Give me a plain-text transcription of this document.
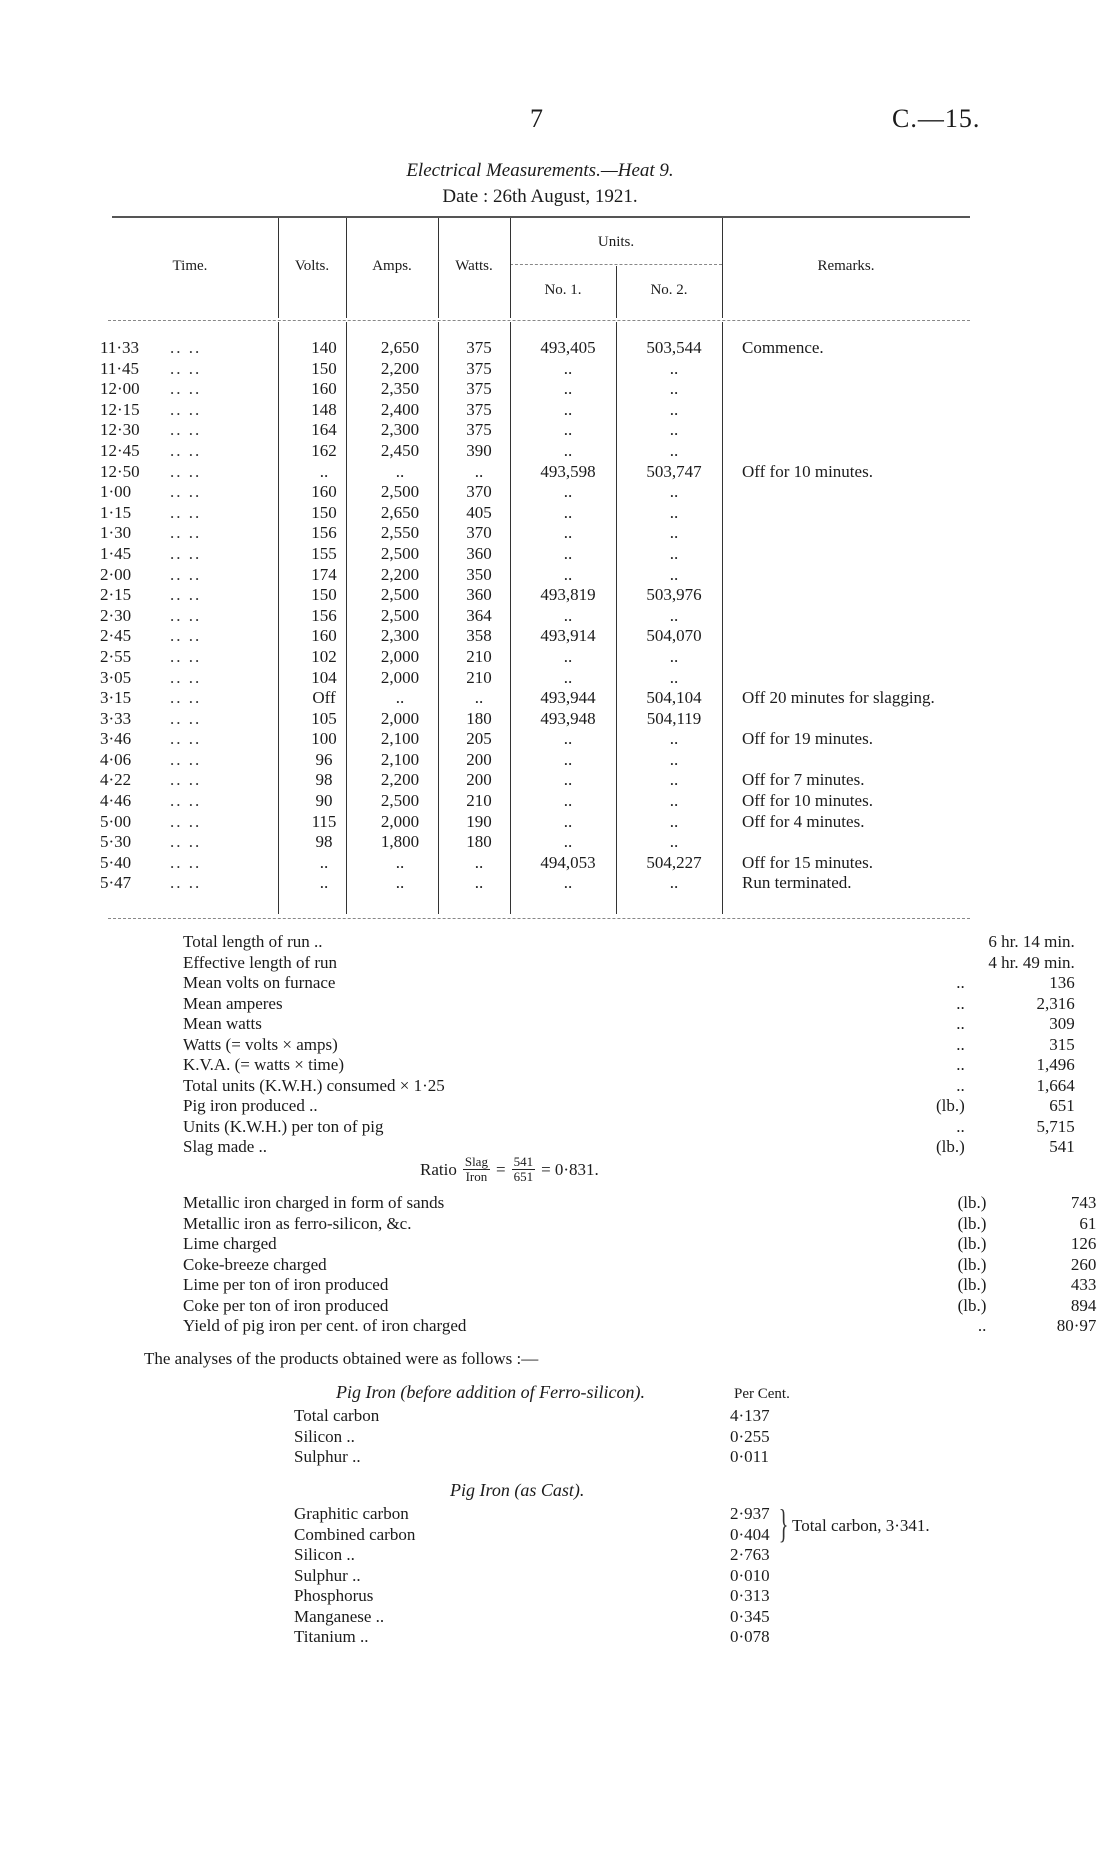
7	C.—15.
Electrical Measurements.—Heat 9.
Date : 26th August, 1921.
Time.	Volts.	Amps.	Watts.
Units.
No. 1.	No. 2.
Remarks.
11·33	.. ..	140	2,650	375	493,405	503,544	Commence.
11·45	.. ..	150	2,200	375	..	..	
12·00	.. ..	160	2,350	375	..	..	
12·15	.. ..	148	2,400	375	..	..	
12·30	.. ..	164	2,300	375	..	..	
12·45	.. ..	162	2,450	390	..	..	
12·50	.. ..	..	..	..	493,598	503,747	Off for 10 minutes.
1·00	.. ..	160	2,500	370	..	..	
1·15	.. ..	150	2,650	405	..	..	
1·30	.. ..	156	2,550	370	..	..	
1·45	.. ..	155	2,500	360	..	..	
2·00	.. ..	174	2,200	350	..	..	
2·15	.. ..	150	2,500	360	493,819	503,976	
2·30	.. ..	156	2,500	364	..	..	
2·45	.. ..	160	2,300	358	493,914	504,070	
2·55	.. ..	102	2,000	210	..	..	
3·05	.. ..	104	2,000	210	..	..	
3·15	.. ..	Off	..	..	493,944	504,104	Off 20 minutes for slagging.
3·33	.. ..	105	2,000	180	493,948	504,119	
3·46	.. ..	100	2,100	205	..	..	Off for 19 minutes.
4·06	.. ..	96	2,100	200	..	..	
4·22	.. ..	98	2,200	200	..	..	Off for 7 minutes.
4·46	.. ..	90	2,500	210	..	..	Off for 10 minutes.
5·00	.. ..	115	2,000	190	..	..	Off for 4 minutes.
5·30	.. ..	98	1,800	180	..	..	
5·40	.. ..	..	..	..	494,053	504,227	Off for 15 minutes.
5·47	.. ..	..	..	..	..	..	Run terminated.
Total length of run ..			6 hr. 14 min.
Effective length of run			4 hr. 49 min.
Mean volts on furnace		..	136
Mean amperes		..	2,316
Mean watts		..	309
Watts (= volts × amps)		..	315
K.V.A. (= watts × time)		..	1,496
Total units (K.W.H.) consumed × 1·25		..	1,664
Pig iron produced ..		(lb.)	651
Units (K.W.H.) per ton of pig		..	5,715
Slag made ..		(lb.)	541
Ratio $\frac{\text{Slag}}{\text{Iron}} = \frac{541}{651} = 0\cdot 831$.
Metallic iron charged in form of sands		(lb.)	743
Metallic iron as ferro-silicon, &c.		(lb.)	61
Lime charged		(lb.)	126
Coke-breeze charged		(lb.)	260
Lime per ton of iron produced		(lb.)	433
Coke per ton of iron produced		(lb.)	894
Yield of pig iron per cent. of iron charged		..	80·97
The analyses of the products obtained were as follows :—
Pig Iron (before addition of Ferro-silicon).	Per Cent.
Total carbon		4·137
Silicon ..		0·255
Sulphur ..		0·011
Pig Iron (as Cast).
Graphitic carbon		2·937
Combined carbon		0·404
Silicon ..		2·763
Sulphur ..		0·010
Phosphorus		0·313
Manganese ..		0·345
Titanium ..		0·078
} Total carbon, 3·341.
